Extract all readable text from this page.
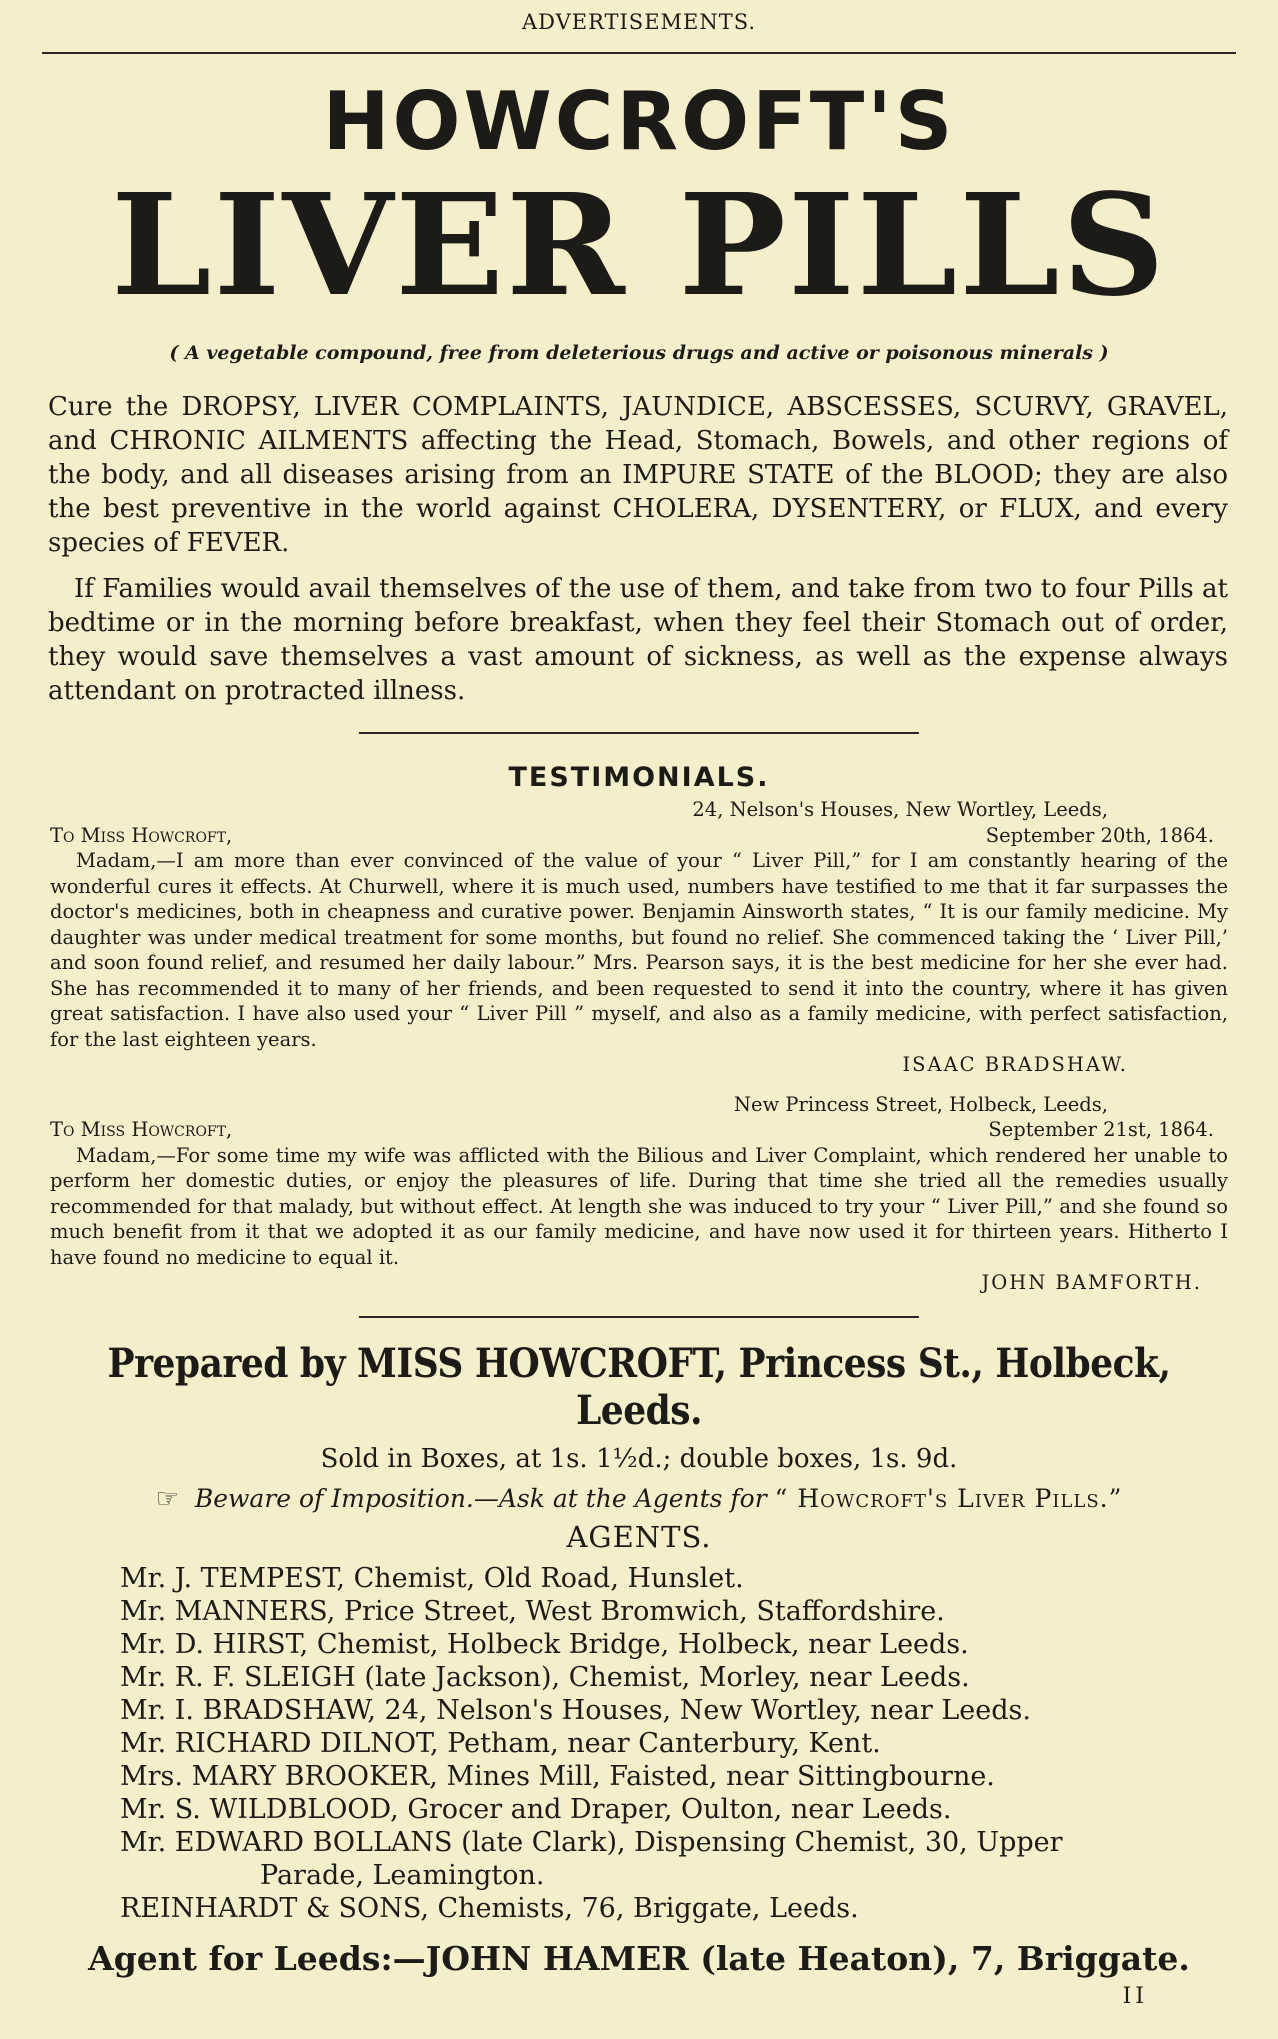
ADVERTISEMENTS.
HOWCROFT'S
LIVER PILLS
( A vegetable compound, free from deleterious drugs and active or poisonous minerals )

Cure the DROPSY, LIVER COMPLAINTS, JAUNDICE, ABSCESSES, SCURVY, GRAVEL, and CHRONIC AILMENTS affecting the Head, Stomach, Bowels, and other regions of the body, and all diseases arising from an IMPURE STATE of the BLOOD; they are also the best preventive in the world against CHOLERA, DYSENTERY, or FLUX, and every species of FEVER.

If Families would avail themselves of the use of them, and take from two to four Pills at bedtime or in the morning before breakfast, when they feel their Stomach out of order, they would save themselves a vast amount of sickness, as well as the expense always attendant on protracted illness.

TESTIMONIALS.
24, Nelson's Houses, New Wortley, Leeds,
To Miss Howcroft,	September 20th, 1864.
Madam,—I am more than ever convinced of the value of your “ Liver Pill,” for I am constantly hearing of the wonderful cures it effects. At Churwell, where it is much used, numbers have testified to me that it far surpasses the doctor's medicines, both in cheapness and curative power. Benjamin Ainsworth states, “ It is our family medicine. My daughter was under medical treatment for some months, but found no relief. She commenced taking the ‘ Liver Pill,’ and soon found relief, and resumed her daily labour.” Mrs. Pearson says, it is the best medicine for her she ever had. She has recommended it to many of her friends, and been requested to send it into the country, where it has given great satisfaction. I have also used your “ Liver Pill ” myself, and also as a family medicine, with perfect satisfaction, for the last eighteen years.
ISAAC BRADSHAW.
New Princess Street, Holbeck, Leeds,
To Miss Howcroft,	September 21st, 1864.
Madam,—For some time my wife was afflicted with the Bilious and Liver Complaint, which rendered her unable to perform her domestic duties, or enjoy the pleasures of life. During that time she tried all the remedies usually recommended for that malady, but without effect. At length she was induced to try your “ Liver Pill,” and she found so much benefit from it that we adopted it as our family medicine, and have now used it for thirteen years. Hitherto I have found no medicine to equal it.
JOHN BAMFORTH.
Prepared by MISS HOWCROFT, Princess St., Holbeck, Leeds.
Sold in Boxes, at 1s. 1½d.; double boxes, 1s. 9d.
☞ Beware of Imposition.—Ask at the Agents for “ Howcroft's Liver Pills.”
AGENTS.
Mr. J. TEMPEST, Chemist, Old Road, Hunslet.
Mr. MANNERS, Price Street, West Bromwich, Staffordshire.
Mr. D. HIRST, Chemist, Holbeck Bridge, Holbeck, near Leeds.
Mr. R. F. SLEIGH (late Jackson), Chemist, Morley, near Leeds.
Mr. I. BRADSHAW, 24, Nelson's Houses, New Wortley, near Leeds.
Mr. RICHARD DILNOT, Petham, near Canterbury, Kent.
Mrs. MARY BROOKER, Mines Mill, Faisted, near Sittingbourne.
Mr. S. WILDBLOOD, Grocer and Draper, Oulton, near Leeds.
Mr. EDWARD BOLLANS (late Clark), Dispensing Chemist, 30, Upper
Parade, Leamington.
REINHARDT & SONS, Chemists, 76, Briggate, Leeds.
Agent for Leeds:—JOHN HAMER (late Heaton), 7, Briggate.
II
